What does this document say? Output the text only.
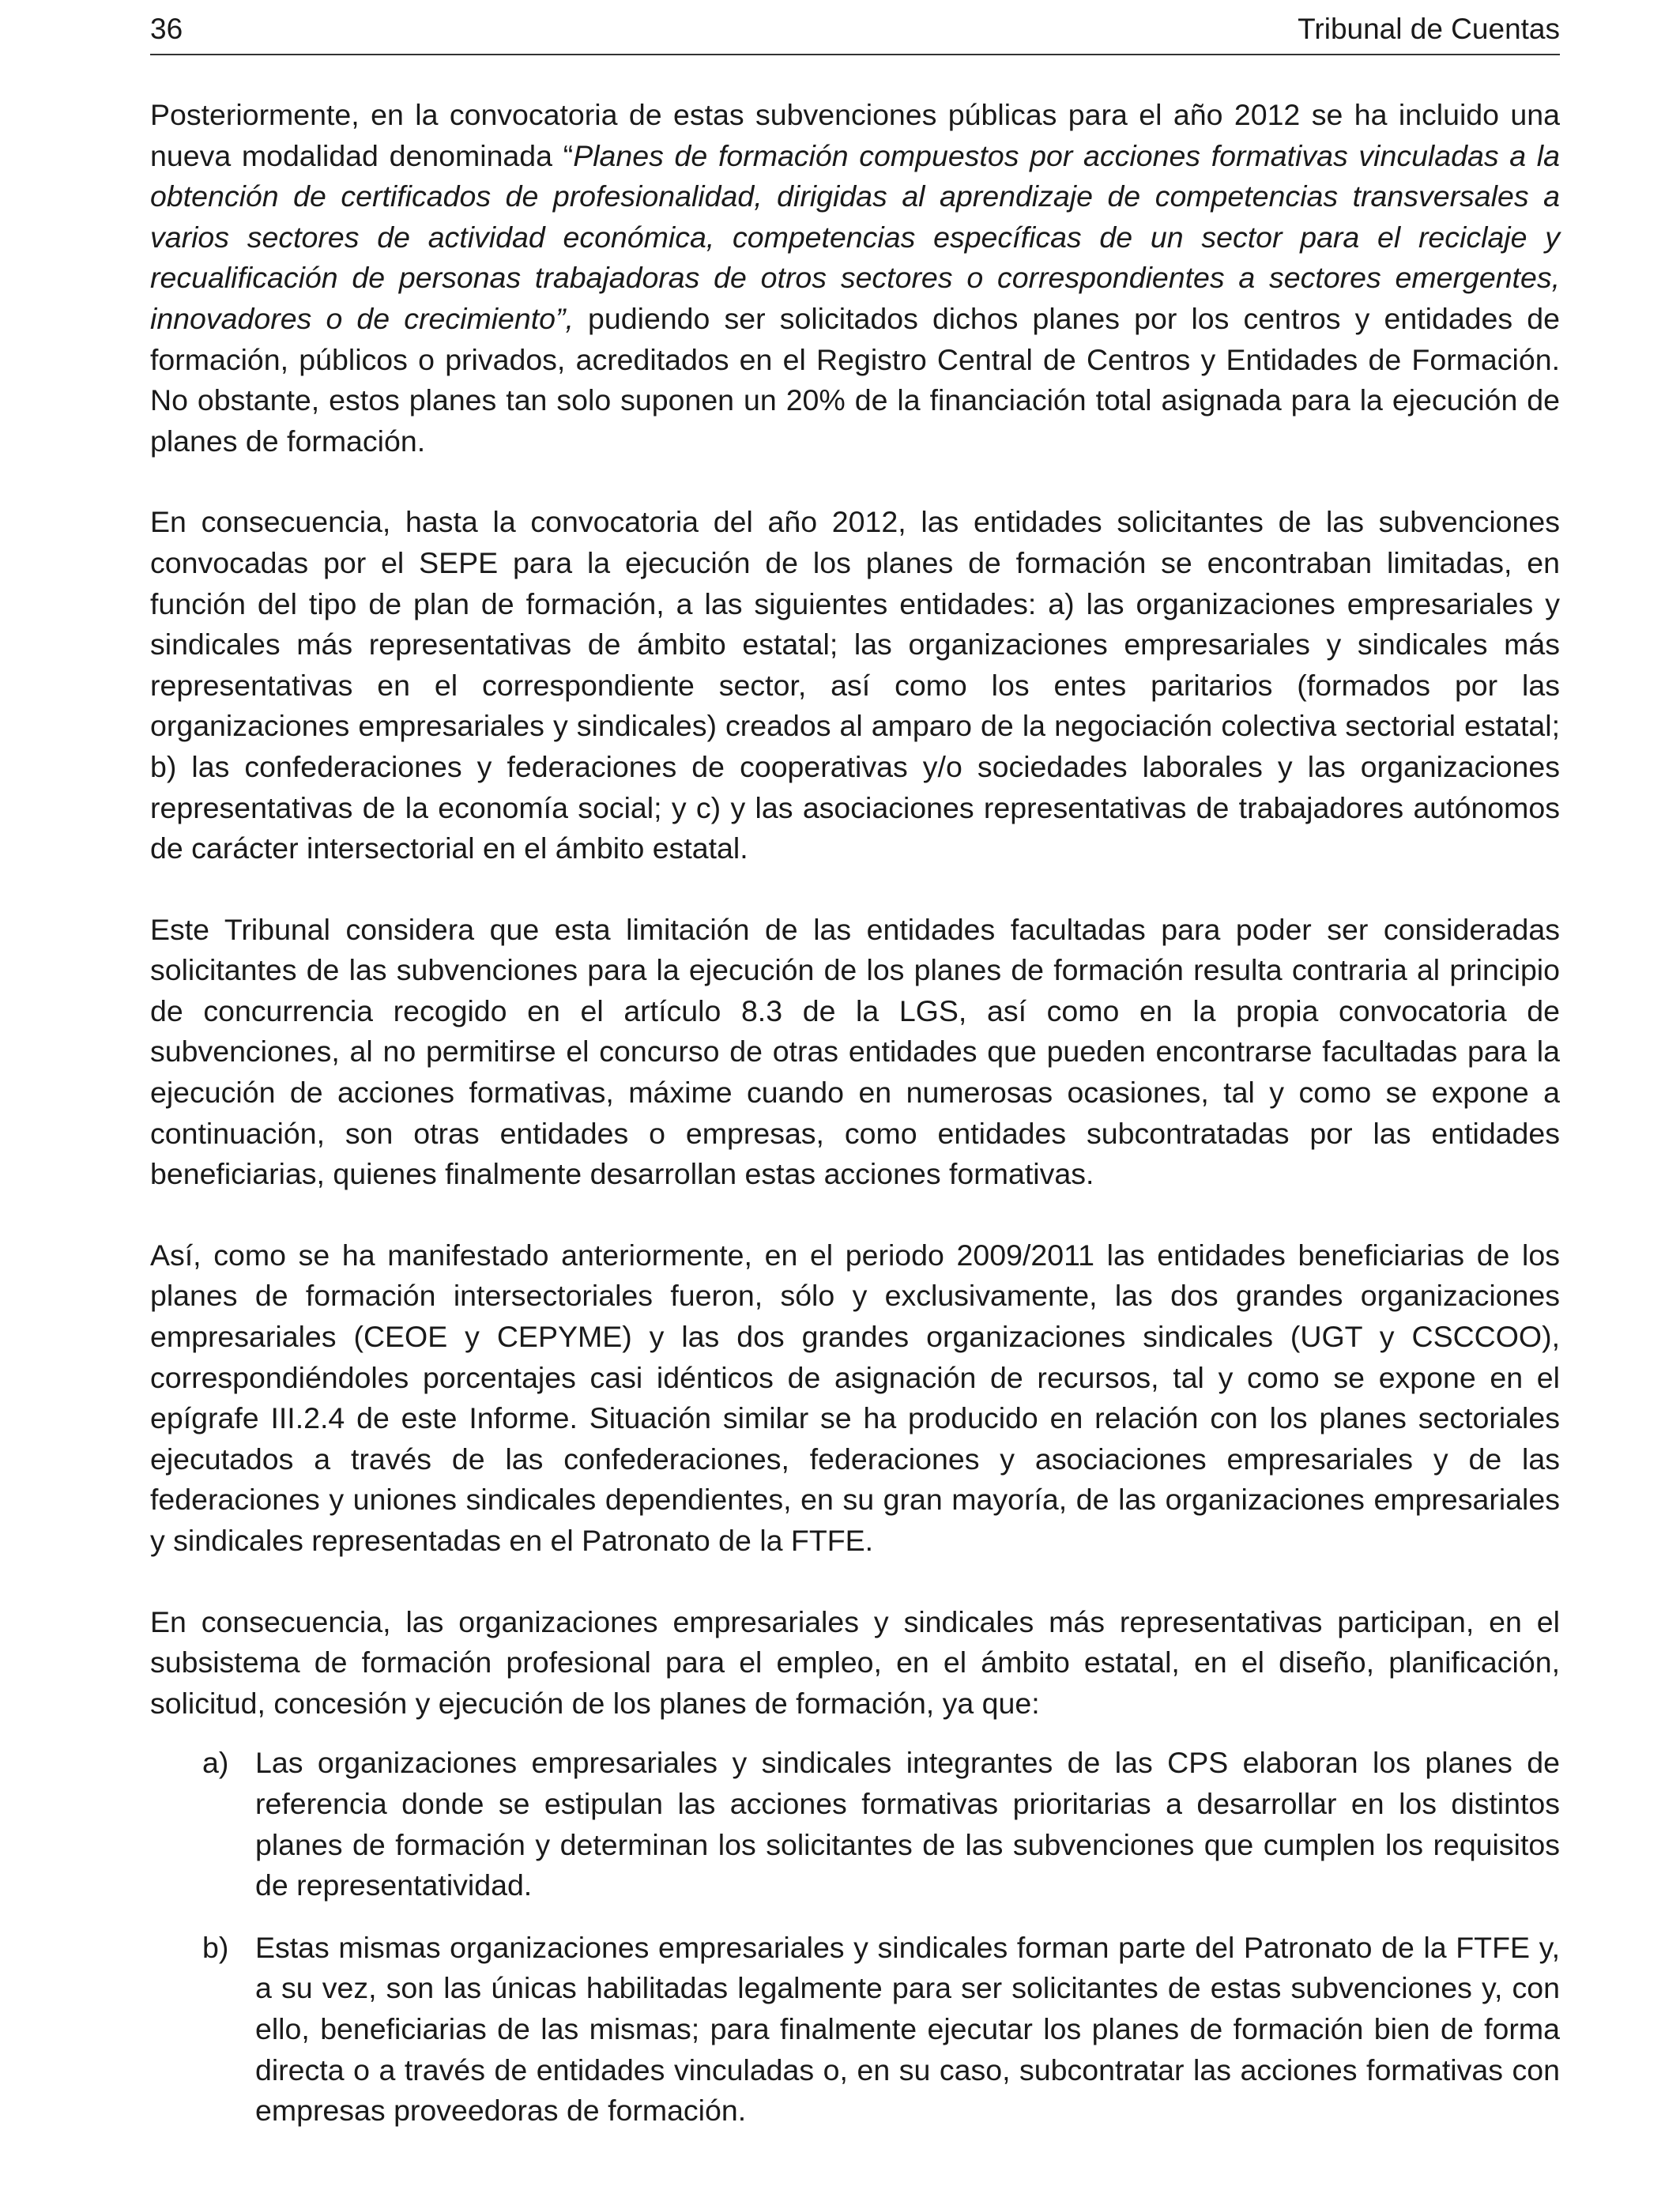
36	Tribunal de Cuentas

Posteriormente, en la convocatoria de estas subvenciones públicas para el año 2012 se ha incluido una nueva modalidad denominada “Planes de formación compuestos por acciones formativas vinculadas a la obtención de certificados de profesionalidad, dirigidas al aprendizaje de competencias transversales a varios sectores de actividad económica, competencias específicas de un sector para el reciclaje y recualificación de personas trabajadoras de otros sectores o correspondientes a sectores emergentes, innovadores o de crecimiento”, pudiendo ser solicitados dichos planes por los centros y entidades de formación, públicos o privados, acreditados en el Registro Central de Centros y Entidades de Formación. No obstante, estos planes tan solo suponen un 20% de la financiación total asignada para la ejecución de planes de formación.

En consecuencia, hasta la convocatoria del año 2012, las entidades solicitantes de las subvenciones convocadas por el SEPE para la ejecución de los planes de formación se encontraban limitadas, en función del tipo de plan de formación, a las siguientes entidades: a) las organizaciones empresariales y sindicales más representativas de ámbito estatal; las organizaciones empresariales y sindicales más representativas en el correspondiente sector, así como los entes paritarios (formados por las organizaciones empresariales y sindicales) creados al amparo de la negociación colectiva sectorial estatal; b) las confederaciones y federaciones de cooperativas y/o sociedades laborales y las organizaciones representativas de la economía social; y c) y las asociaciones representativas de trabajadores autónomos de carácter intersectorial en el ámbito estatal.

Este Tribunal considera que esta limitación de las entidades facultadas para poder ser consideradas solicitantes de las subvenciones para la ejecución de los planes de formación resulta contraria al principio de concurrencia recogido en el artículo 8.3 de la LGS, así como en la propia convocatoria de subvenciones, al no permitirse el concurso de otras entidades que pueden encontrarse facultadas para la ejecución de acciones formativas, máxime cuando en numerosas ocasiones, tal y como se expone a continuación, son otras entidades o empresas, como entidades subcontratadas por las entidades beneficiarias, quienes finalmente desarrollan estas acciones formativas.

Así, como se ha manifestado anteriormente, en el periodo 2009/2011 las entidades beneficiarias de los planes de formación intersectoriales fueron, sólo y exclusivamente, las dos grandes organizaciones empresariales (CEOE y CEPYME) y las dos grandes organizaciones sindicales (UGT y CSCCOO), correspondiéndoles porcentajes casi idénticos de asignación de recursos, tal y como se expone en el epígrafe III.2.4 de este Informe. Situación similar se ha producido en relación con los planes sectoriales ejecutados a través de las confederaciones, federaciones y asociaciones empresariales y de las federaciones y uniones sindicales dependientes, en su gran mayoría, de las organizaciones empresariales y sindicales representadas en el Patronato de la FTFE.

En consecuencia, las organizaciones empresariales y sindicales más representativas participan, en el subsistema de formación profesional para el empleo, en el ámbito estatal, en el diseño, planificación, solicitud, concesión y ejecución de los planes de formación, ya que:

a) Las organizaciones empresariales y sindicales integrantes de las CPS elaboran los planes de referencia donde se estipulan las acciones formativas prioritarias a desarrollar en los distintos planes de formación y determinan los solicitantes de las subvenciones que cumplen los requisitos de representatividad.
b) Estas mismas organizaciones empresariales y sindicales forman parte del Patronato de la FTFE y, a su vez, son las únicas habilitadas legalmente para ser solicitantes de estas subvenciones y, con ello, beneficiarias de las mismas; para finalmente ejecutar los planes de formación bien de forma directa o a través de entidades vinculadas o, en su caso, subcontratar las acciones formativas con empresas proveedoras de formación.
